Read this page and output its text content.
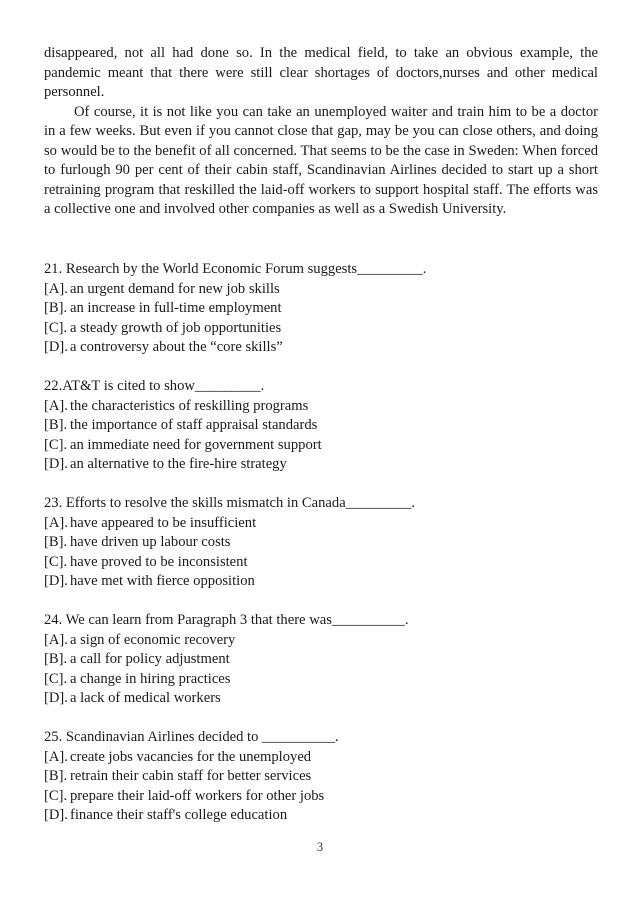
disappeared, not all had done so. In the medical field, to take an obvious example, the pandemic meant that there were still clear shortages of doctors,nurses and other medical personnel.

Of course, it is not like you can take an unemployed waiter and train him to be a doctor in a few weeks. But even if you cannot close that gap, may be you can close others, and doing so would be to the benefit of all concerned. That seems to be the case in Sweden: When forced to furlough 90 per cent of their cabin staff, Scandinavian Airlines decided to start up a short retraining program that reskilled the laid-off workers to support hospital staff. The efforts was a collective one and involved other companies as well as a Swedish University.

21. Research by the World Economic Forum suggests_________.
[A]. an urgent demand for new job skills
[B]. an increase in full-time employment
[C]. a steady growth of job opportunities
[D]. a controversy about the “core skills”
22.AT&T is cited to show_________.
[A]. the characteristics of reskilling programs
[B]. the importance of staff appraisal standards
[C]. an immediate need for government support
[D]. an alternative to the fire-hire strategy
23. Efforts to resolve the skills mismatch in Canada_________.
[A]. have appeared to be insufficient
[B]. have driven up labour costs
[C]. have proved to be inconsistent
[D]. have met with fierce opposition
24. We can learn from Paragraph 3 that there was__________.
[A]. a sign of economic recovery
[B]. a call for policy adjustment
[C]. a change in hiring practices
[D]. a lack of medical workers
25. Scandinavian Airlines decided to __________.
[A]. create jobs vacancies for the unemployed
[B]. retrain their cabin staff for better services
[C]. prepare their laid-off workers for other jobs
[D]. finance their staff's college education
3
